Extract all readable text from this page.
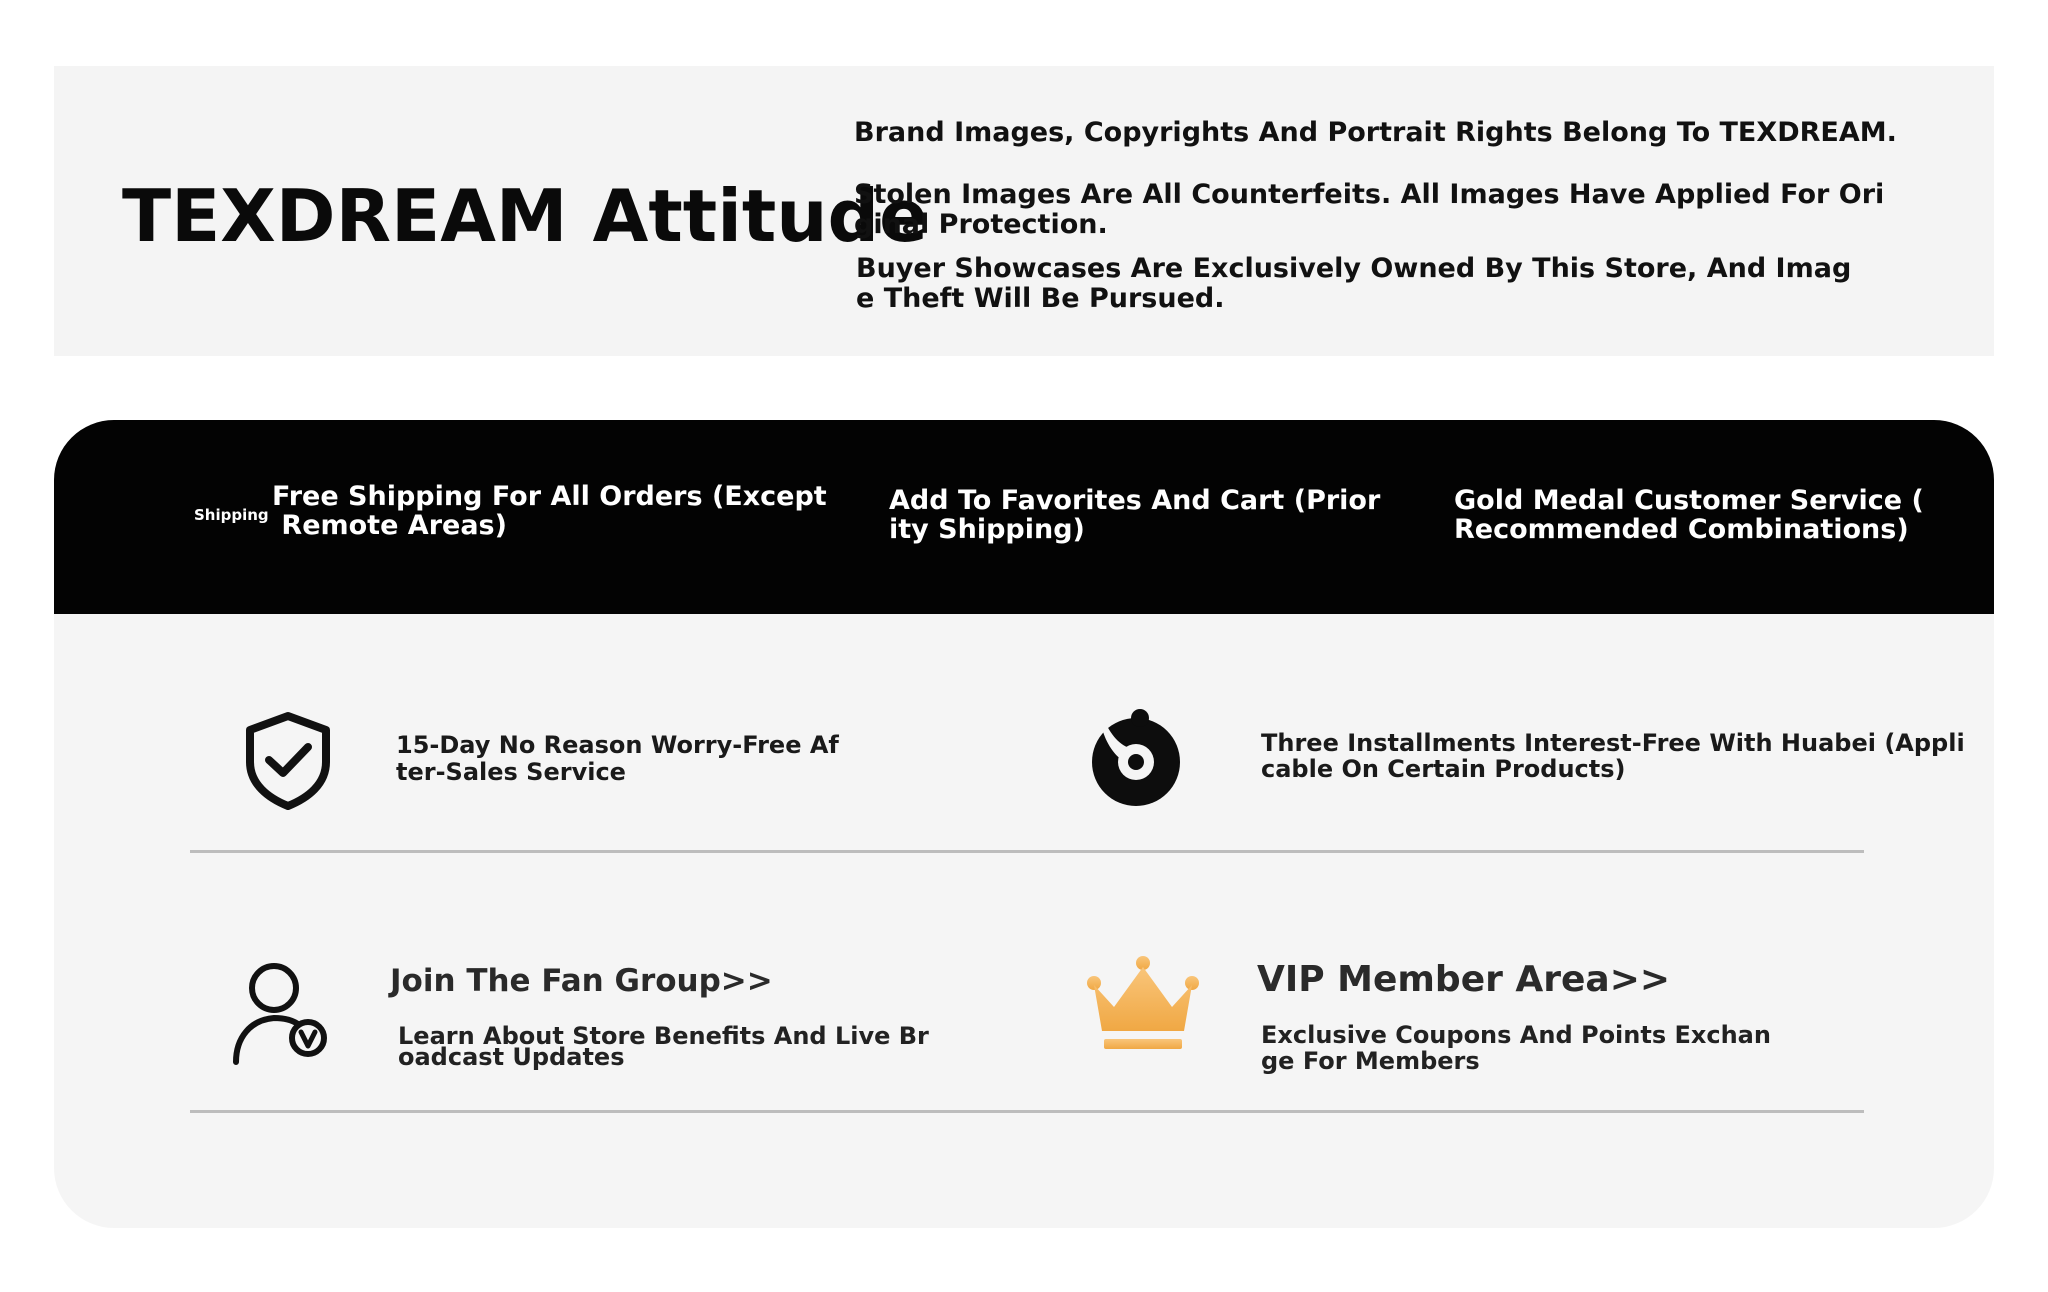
TEXDREAM Attitude
Brand Images, Copyrights And Portrait Rights Belong To TEXDREAM.
Stolen Images Are All Counterfeits. All Images Have Applied For Ori
ginal Protection.
Buyer Showcases Are Exclusively Owned By This Store, And Imag
e Theft Will Be Pursued.
Shipping
Free Shipping For All Orders (Except
Remote Areas)
Add To Favorites And Cart (Prior
ity Shipping)
Gold Medal Customer Service (
Recommended Combinations)
15-Day No Reason Worry-Free Af
ter-Sales Service
Three Installments Interest-Free With Huabei (Appli
cable On Certain Products)
Join The Fan Group>>
Learn About Store Benefits And Live Br
oadcast Updates
VIP Member Area>>
Exclusive Coupons And Points Exchan
ge For Members
